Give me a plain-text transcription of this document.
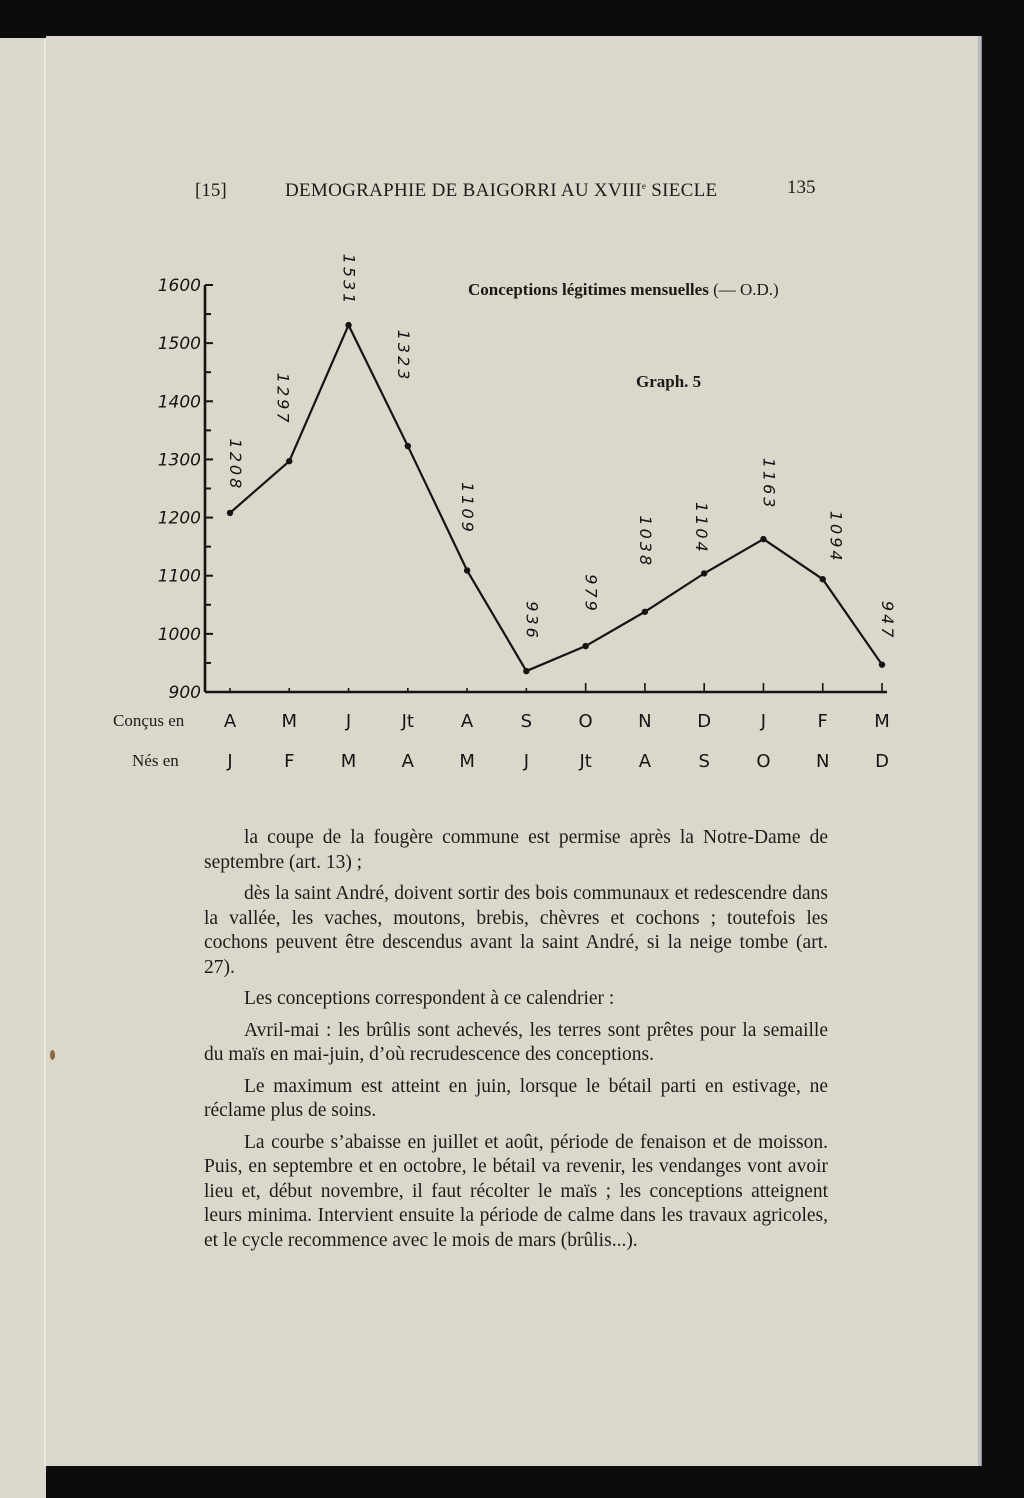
[15]	DEMOGRAPHIE DE BAIGORRI AU XVIIIe SIECLE	135
Conceptions légitimes mensuelles (— O.D.)
Graph. 5
900
1000
1100
1200
1300
1400
1500
1600
1208
1297
1531
1323
1109
936
979
1038 1104
1163
1094
947
A	M	J	Jt	A	S	O	N	D	J	F	M
J	F	M	A	M	J	Jt	A	S	O	N	D
Conçus en
Nés en

la coupe de la fougère commune est permise après la Notre-Dame de septembre (art. 13) ;

dès la saint André, doivent sortir des bois communaux et redescendre dans la vallée, les vaches, moutons, brebis, chèvres et cochons ; toutefois les cochons peuvent être descendus avant la saint André, si la neige tombe (art. 27).

Les conceptions correspondent à ce calendrier :

Avril-mai : les brûlis sont achevés, les terres sont prêtes pour la semaille du maïs en mai-juin, d’où recrudescence des conceptions.

Le maximum est atteint en juin, lorsque le bétail parti en estivage, ne réclame plus de soins.

La courbe s’abaisse en juillet et août, période de fenaison et de moisson. Puis, en septembre et en octobre, le bétail va revenir, les vendanges vont avoir lieu et, début novembre, il faut récolter le maïs ; les conceptions atteignent leurs minima. Intervient ensuite la période de calme dans les travaux agricoles, et le cycle recommence avec le mois de mars (brûlis...).
